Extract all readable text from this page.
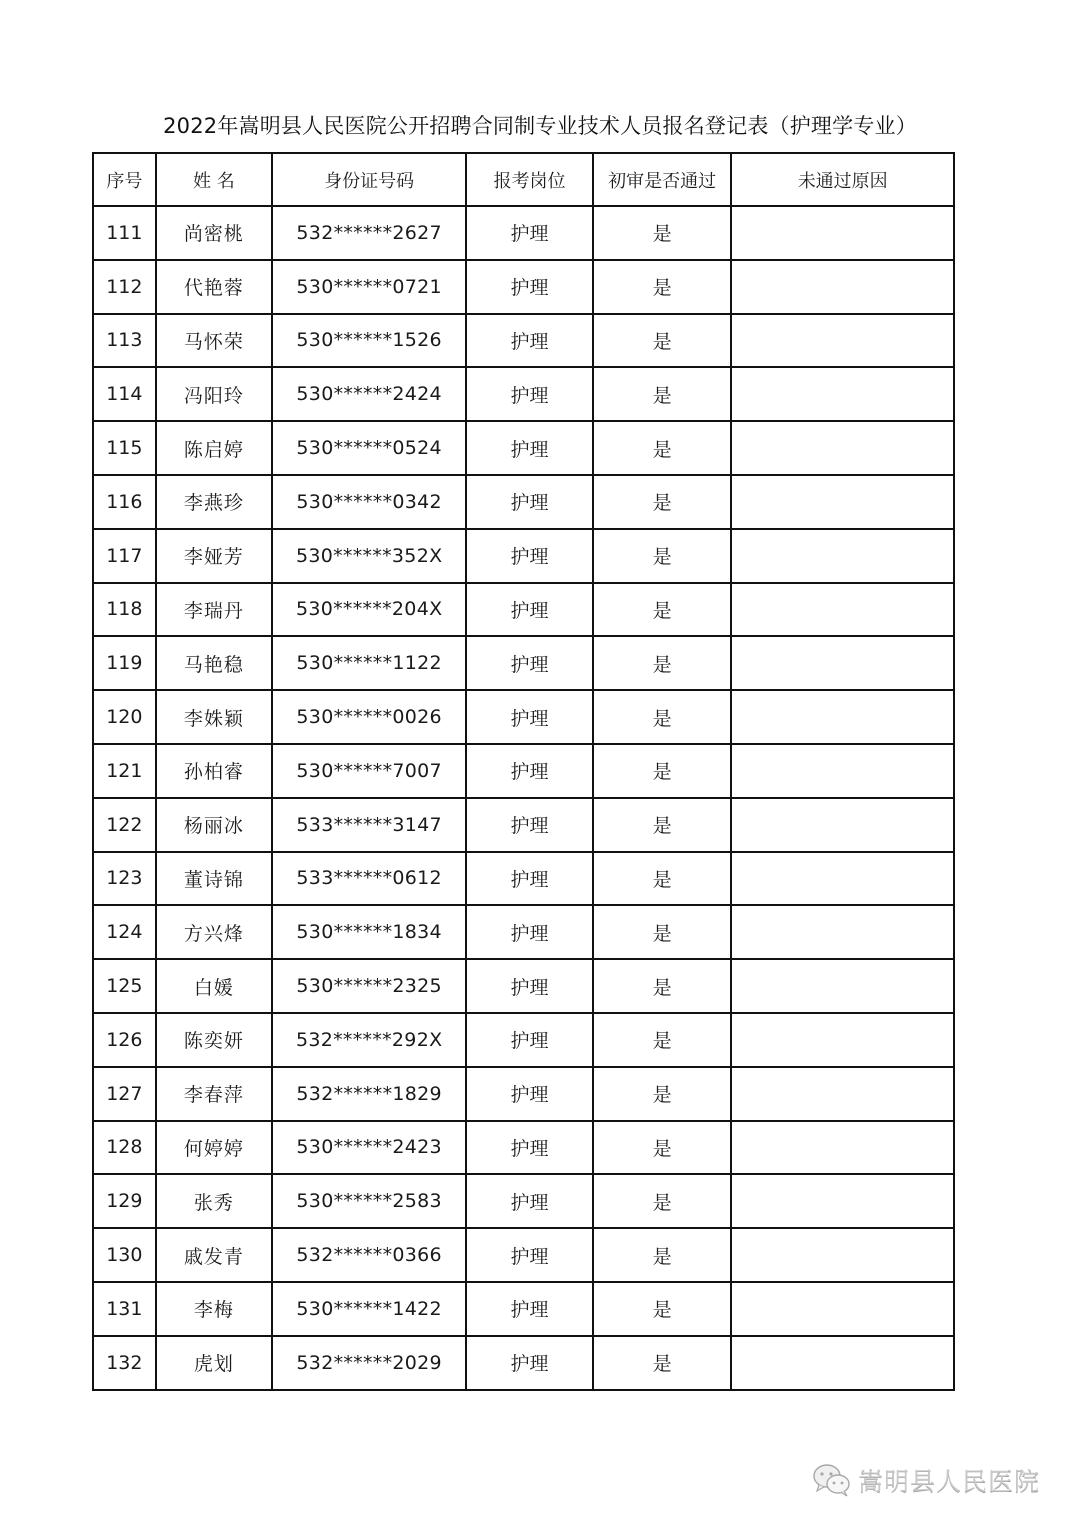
2022年嵩明县人民医院公开招聘合同制专业技术人员报名登记表（护理学专业）
序号	姓 名	身份证号码	报考岗位	初审是否通过	未通过原因
111	尚密桃	532******2627	护理	是	
112	代艳蓉	530******0721	护理	是	
113	马怀荣	530******1526	护理	是	
114	冯阳玲	530******2424	护理	是	
115	陈启婷	530******0524	护理	是	
116	李燕珍	530******0342	护理	是	
117	李娅芳	530******352X	护理	是	
118	李瑞丹	530******204X	护理	是	
119	马艳稳	530******1122	护理	是	
120	李姝颖	530******0026	护理	是	
121	孙柏睿	530******7007	护理	是	
122	杨丽冰	533******3147	护理	是	
123	董诗锦	533******0612	护理	是	
124	方兴烽	530******1834	护理	是	
125	白媛	530******2325	护理	是	
126	陈奕妍	532******292X	护理	是	
127	李春萍	532******1829	护理	是	
128	何婷婷	530******2423	护理	是	
129	张秀	530******2583	护理	是	
130	戚发青	532******0366	护理	是	
131	李梅	530******1422	护理	是	
132	虎划	532******2029	护理	是	
嵩明县人民医院
